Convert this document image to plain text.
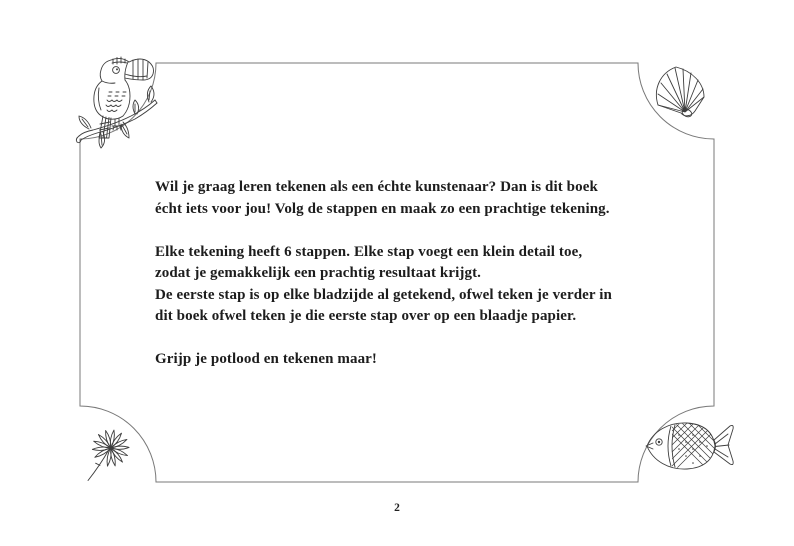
Wil je graag leren tekenen als een échte kunstenaar? Dan is dit boek
écht iets voor jou! Volg de stappen en maak zo een prachtige tekening.

Elke tekening heeft 6 stappen. Elke stap voegt een klein detail toe,
zodat je gemakkelijk een prachtig resultaat krijgt.
De eerste stap is op elke bladzijde al getekend, ofwel teken je verder in
dit boek ofwel teken je die eerste stap over op een blaadje papier.

Grijp je potlood en tekenen maar!

2
